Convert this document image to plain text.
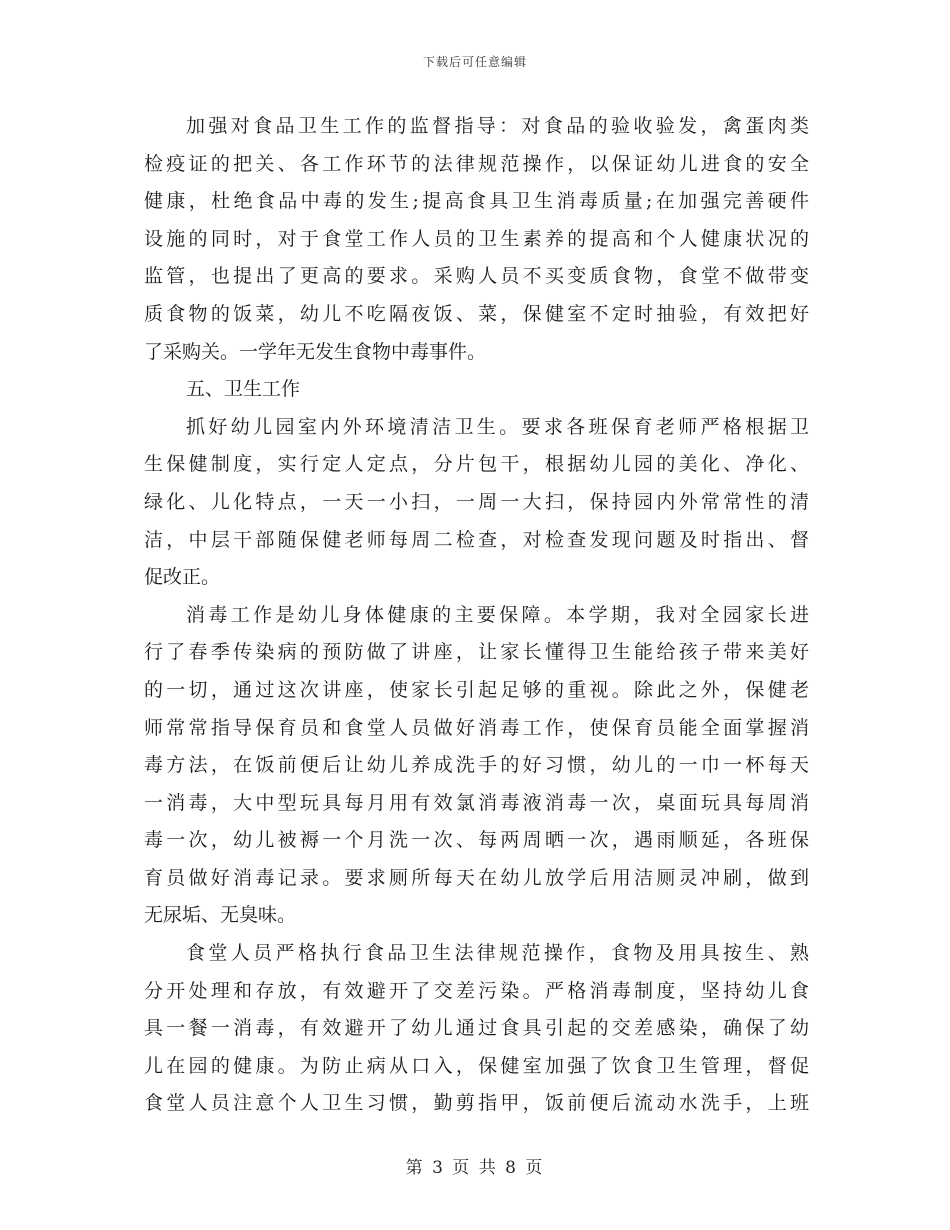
下载后可任意编辑
加强对食品卫生工作的监督指导：对食品的验收验发，禽蛋肉类
检疫证的把关、各工作环节的法律规范操作，以保证幼儿进食的安全
健康，杜绝食品中毒的发生;提高食具卫生消毒质量;在加强完善硬件
设施的同时，对于食堂工作人员的卫生素养的提高和个人健康状况的
监管，也提出了更高的要求。采购人员不买变质食物，食堂不做带变
质食物的饭菜，幼儿不吃隔夜饭、菜，保健室不定时抽验，有效把好
了采购关。一学年无发生食物中毒事件。
五、卫生工作
抓好幼儿园室内外环境清洁卫生。要求各班保育老师严格根据卫
生保健制度，实行定人定点，分片包干，根据幼儿园的美化、净化、
绿化、儿化特点，一天一小扫，一周一大扫，保持园内外常常性的清
洁，中层干部随保健老师每周二检查，对检查发现问题及时指出、督
促改正。
消毒工作是幼儿身体健康的主要保障。本学期，我对全园家长进
行了春季传染病的预防做了讲座，让家长懂得卫生能给孩子带来美好
的一切，通过这次讲座，使家长引起足够的重视。除此之外，保健老
师常常指导保育员和食堂人员做好消毒工作，使保育员能全面掌握消
毒方法，在饭前便后让幼儿养成洗手的好习惯，幼儿的一巾一杯每天
一消毒，大中型玩具每月用有效氯消毒液消毒一次，桌面玩具每周消
毒一次，幼儿被褥一个月洗一次、每两周晒一次，遇雨顺延，各班保
育员做好消毒记录。要求厕所每天在幼儿放学后用洁厕灵冲刷，做到
无尿垢、无臭味。
食堂人员严格执行食品卫生法律规范操作，食物及用具按生、熟
分开处理和存放，有效避开了交差污染。严格消毒制度，坚持幼儿食
具一餐一消毒，有效避开了幼儿通过食具引起的交差感染，确保了幼
儿在园的健康。为防止病从口入，保健室加强了饮食卫生管理，督促
食堂人员注意个人卫生习惯，勤剪指甲，饭前便后流动水洗手，上班
第 3 页 共 8 页
